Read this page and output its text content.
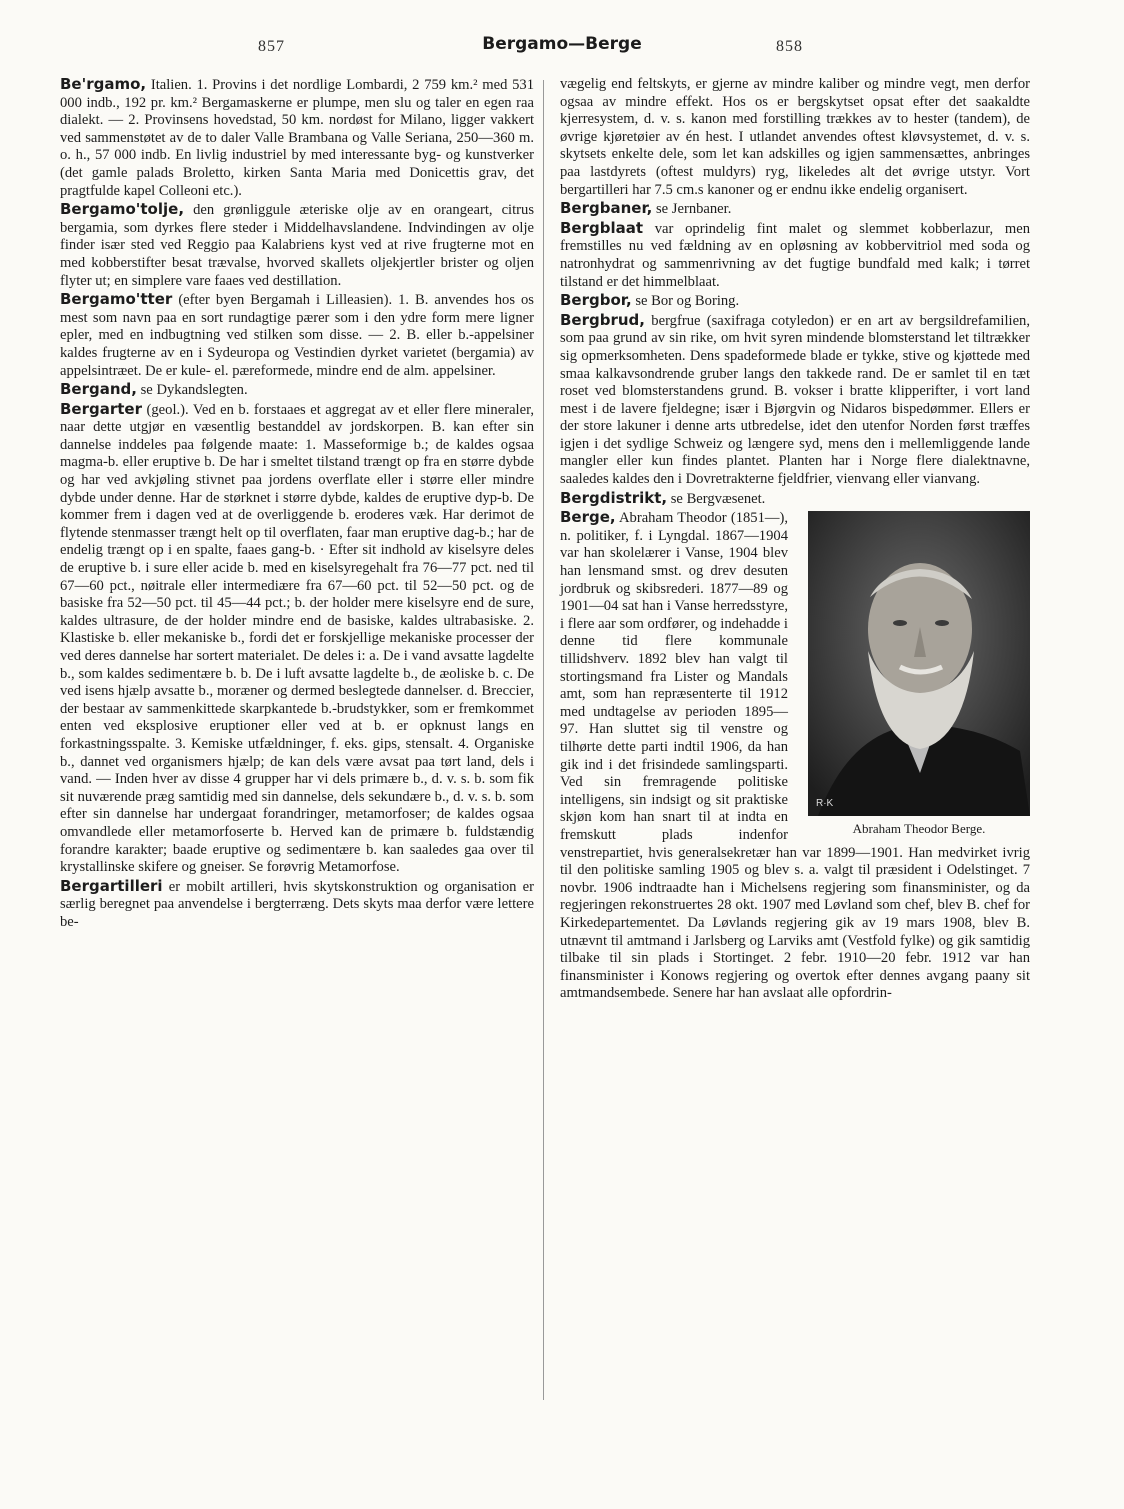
857	Bergamo—Berge	858

Be'rgamo, Italien. 1. Provins i det nordlige Lombardi, 2 759 km.² med 531 000 indb., 192 pr. km.² Bergamaskerne er plumpe, men slu og taler en egen raa dialekt. — 2. Provinsens hovedstad, 50 km. nordøst for Milano, ligger vakkert ved sammenstøtet av de to daler Valle Brambana og Valle Seriana, 250—360 m. o. h., 57 000 indb. En livlig industriel by med interessante byg- og kunstverker (det gamle palads Broletto, kirken Santa Maria med Donicettis grav, det pragtfulde kapel Colleoni etc.).

Bergamo'tolje, den grønliggule æteriske olje av en orangeart, citrus bergamia, som dyrkes flere steder i Middelhavslandene. Indvindingen av olje finder især sted ved Reggio paa Kalabriens kyst ved at rive frugterne mot en med kobberstifter besat trævalse, hvorved skallets oljekjertler brister og oljen flyter ut; en simplere vare faaes ved destillation.

Bergamo'tter (efter byen Bergamah i Lilleasien). 1. B. anvendes hos os mest som navn paa en sort rundagtige pærer som i den ydre form mere ligner epler, med en indbugtning ved stilken som disse. — 2. B. eller b.-appelsiner kaldes frugterne av en i Sydeuropa og Vestindien dyrket varietet (bergamia) av appelsintræet. De er kule- el. pæreformede, mindre end de alm. appelsiner.

Bergand, se Dykandslegten.

Bergarter (geol.). Ved en b. forstaaes et aggregat av et eller flere mineraler, naar dette utgjør en væsentlig bestanddel av jordskorpen. B. kan efter sin dannelse inddeles paa følgende maate: 1. Masseformige b.; de kaldes ogsaa magma-b. eller eruptive b. De har i smeltet tilstand trængt op fra en større dybde og har ved avkjøling stivnet paa jordens overflate eller i større eller mindre dybde under denne. Har de størknet i større dybde, kaldes de eruptive dyp-b. De kommer frem i dagen ved at de overliggende b. eroderes væk. Har derimot de flytende stenmasser trængt helt op til overflaten, faar man eruptive dag-b.; har de endelig trængt op i en spalte, faaes gang-b. · Efter sit indhold av kiselsyre deles de eruptive b. i sure eller acide b. med en kiselsyregehalt fra 76—77 pct. ned til 67—60 pct., nøitrale eller intermediære fra 67—60 pct. til 52—50 pct. og de basiske fra 52—50 pct. til 45—44 pct.; b. der holder mere kiselsyre end de sure, kaldes ultrasure, de der holder mindre end de basiske, kaldes ultrabasiske. 2. Klastiske b. eller mekaniske b., fordi det er forskjellige mekaniske processer der ved deres dannelse har sortert materialet. De deles i: a. De i vand avsatte lagdelte b., som kaldes sedimentære b. b. De i luft avsatte lagdelte b., de æoliske b. c. De ved isens hjælp avsatte b., moræner og dermed beslegtede dannelser. d. Breccier, der bestaar av sammenkittede skarpkantede b.-brudstykker, som er fremkommet enten ved eksplosive eruptioner eller ved at b. er opknust langs en forkastningsspalte. 3. Kemiske utfældninger, f. eks. gips, stensalt. 4. Organiske b., dannet ved organismers hjælp; de kan dels være avsat paa tørt land, dels i vand. — Inden hver av disse 4 grupper har vi dels primære b., d. v. s. b. som fik sit nuværende præg samtidig med sin dannelse, dels sekundære b., d. v. s. b. som efter sin dannelse har undergaat forandringer, metamorfoser; de kaldes ogsaa omvandlede eller metamorfoserte b. Herved kan de primære b. fuldstændig forandre karakter; baade eruptive og sedimentære b. kan saaledes gaa over til krystallinske skifere og gneiser. Se forøvrig Metamorfose.

Bergartilleri er mobilt artilleri, hvis skytskonstruktion og organisation er særlig beregnet paa anvendelse i bergterræng. Dets skyts maa derfor være lettere be-

vægelig end feltskyts, er gjerne av mindre kaliber og mindre vegt, men derfor ogsaa av mindre effekt. Hos os er bergskytset opsat efter det saakaldte kjerresystem, d. v. s. kanon med forstilling trækkes av to hester (tandem), de øvrige kjøretøier av én hest. I utlandet anvendes oftest kløvsystemet, d. v. s. skytsets enkelte dele, som let kan adskilles og igjen sammensættes, anbringes paa lastdyrets (oftest muldyrs) ryg, likeledes alt det øvrige utstyr. Vort bergartilleri har 7.5 cm.s kanoner og er endnu ikke endelig organisert.

Bergbaner, se Jernbaner.

Bergblaat var oprindelig fint malet og slemmet kobberlazur, men fremstilles nu ved fældning av en opløsning av kobbervitriol med soda og natronhydrat og sammenrivning av det fugtige bundfald med kalk; i tørret tilstand er det himmelblaat.

Bergbor, se Bor og Boring.

Bergbrud, bergfrue (saxifraga cotyledon) er en art av bergsildrefamilien, som paa grund av sin rike, om hvit syren mindende blomsterstand let tiltrækker sig opmerksomheten. Dens spadeformede blade er tykke, stive og kjøttede med smaa kalkavsondrende gruber langs den takkede rand. De er samlet til en tæt roset ved blomsterstandens grund. B. vokser i bratte klipperifter, i vort land mest i de lavere fjeldegne; især i Bjørgvin og Nidaros bispedømmer. Ellers er der store lakuner i denne arts utbredelse, idet den utenfor Norden først træffes igjen i det sydlige Schweiz og længere syd, mens den i mellemliggende lande mangler eller kun findes plantet. Planten har i Norge flere dialektnavne, saaledes kaldes den i Dovretrakterne fjeldfrier, vienvang eller vianvang.

Bergdistrikt, se Bergvæsenet.

R·K
Abraham Theodor Berge.

Berge, Abraham Theodor (1851—), n. politiker, f. i Lyngdal. 1867—1904 var han skolelærer i Vanse, 1904 blev han lensmand smst. og drev desuten jordbruk og skibsrederi. 1877—89 og 1901—04 sat han i Vanse herredsstyre, i flere aar som ordfører, og indehadde i denne tid flere kommunale tillidshverv. 1892 blev han valgt til stortingsmand fra Lister og Mandals amt, som han repræsenterte til 1912 med undtagelse av perioden 1895—97. Han sluttet sig til venstre og tilhørte dette parti indtil 1906, da han gik ind i det frisindede samlingsparti. Ved sin fremragende politiske intelligens, sin indsigt og sit praktiske skjøn kom han snart til at indta en fremskutt plads indenfor venstrepartiet, hvis generalsekretær han var 1899—1901. Han medvirket ivrig til den politiske samling 1905 og blev s. a. valgt til præsident i Odelstinget. 7 novbr. 1906 indtraadte han i Michelsens regjering som finansminister, og da regjeringen rekonstruertes 28 okt. 1907 med Løvland som chef, blev B. chef for Kirkedepartementet. Da Løvlands regjering gik av 19 mars 1908, blev B. utnævnt til amtmand i Jarlsberg og Larviks amt (Vestfold fylke) og gik samtidig tilbake til sin plads i Stortinget. 2 febr. 1910—20 febr. 1912 var han finansminister i Konows regjering og overtok efter dennes avgang paany sit amtmandsembede. Senere har han avslaat alle opfordrin-
